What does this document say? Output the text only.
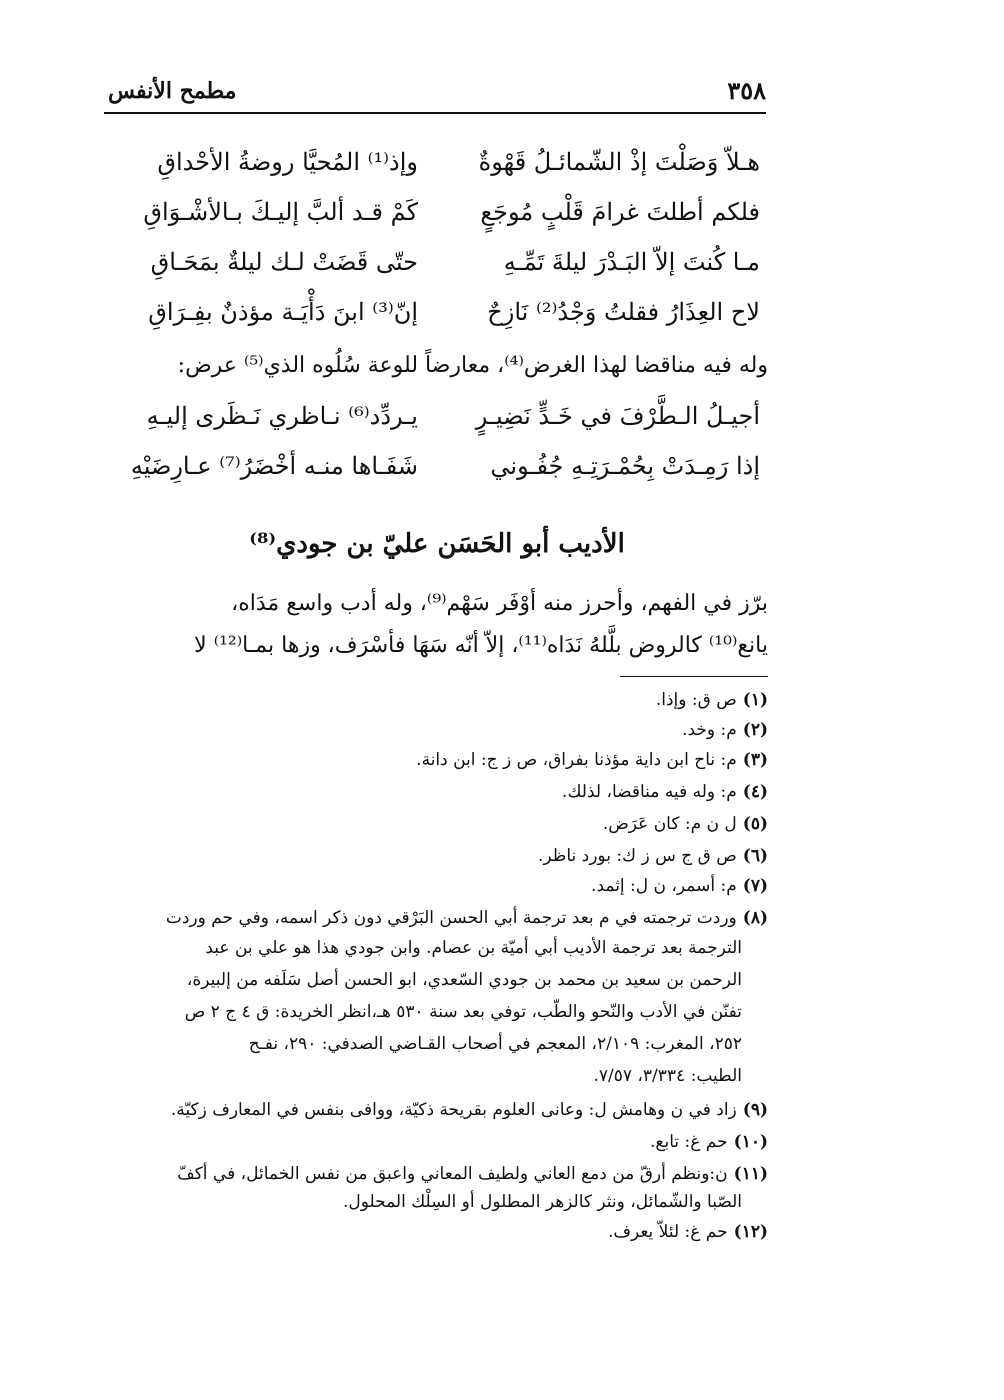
مطمح الأنفس	٣٥٨
هـلاّ وَصَلْتَ إذْ الشّمائـلُ قَهْوةٌ
وإذ⁽¹⁾ المُحيَّا روضةُ الأحْداقِ
فلكم أطلتَ غرامَ قَلْبٍ مُوجَعٍ
كَمْ قـد ألبَّ إليـكَ بـالأشْـوَاقِ
مـا كُنتَ إلاّ البَـدْرَ ليلةَ تَمِّـهِ
حتّى قَضَتْ لـك ليلةٌ بمَحَـاقِ
لاح العِذَارُ فقلتُ وَجْدُ⁽²⁾ نَازِحٌ
إنّ⁽³⁾ ابنَ دَأْيَـة مؤذنٌ بفِـرَاقِ
وله فيه مناقضا لهذا الغرض⁽⁴⁾، معارضاً للوعة سُلُوه الذي⁽⁵⁾ عرض:
أجيـلُ الـطَّرْفَ في خَـدٍّ نَضِيـرٍ
يـردِّد⁽⁶⁾ نـاظري نَـظَرى إليـهِ
إذا رَمِـدَتْ بِحُمْـرَتِـهِ جُفُـوني
شَفَـاها منـه أخْضَرُ⁽⁷⁾ عـارِضَيْهِ
الأديب أبو الحَسَن عليّ بن جودي⁽⁸⁾
برّز في الفهم، وأحرز منه أوْفَر سَهْم⁽⁹⁾، وله أدب واسع مَدَاه،
يانع⁽¹⁰⁾ كالروض بلَّلهُ نَدَاه⁽¹¹⁾، إلاّ أنّه سَهَا فأسْرَف، وزها بمـا⁽¹²⁾ لا
(١)ص ق: وإذا.
(٢)م: وخد.
(٣)م: ناح ابن داية مؤذنا بفراق، ص ز ج: ابن دانة.
(٤)م: وله فيه مناقضا، لذلك.
(٥)ل ن م: كان عَرَض.
(٦)ص ق ج س ز ك: بورد ناظر.
(٧)م: أسمر، ن ل: إثمد.
(٨)وردت ترجمته في م بعد ترجمة أبي الحسن البَرْقي دون ذكر اسمه، وفي حم وردت
الترجمة بعد ترجمة الأديب أبي أميّة بن عصام. وابن جودي هذا هو علي بن عبد
الرحمن بن سعيد بن محمد بن جودي السّعدي، ابو الحسن أصل سَلَفه من إلبيرة،
تفنّن في الأدب والنّحو والطّب، توفي بعد سنة ٥٣٠ هـ،انظر الخريدة: ق ٤ ج ٢ ص
٢٥٢، المغرب: ٢/١٠٩، المعجم في أصحاب القـاضي الصدفي: ٢٩٠، نفـح
الطيب: ٣/٣٣٤، ٧/٥٧.
(٩)زاد في ن وهامش ل: وعانى العلوم بقريحة ذكيّة، ووافى بنفس في المعارف زكيّة.
(١٠)حم غ: تابع.
(١١)ن:ونظم أرقّ من دمع العاني ولطيف المعاني واعبق من نفس الخمائل، في أكفّ
الصّبا والشّمائل، ونثر كالزهر المطلول أو السِلْك المحلول.
(١٢)حم غ: لئلاّ يعرف.
